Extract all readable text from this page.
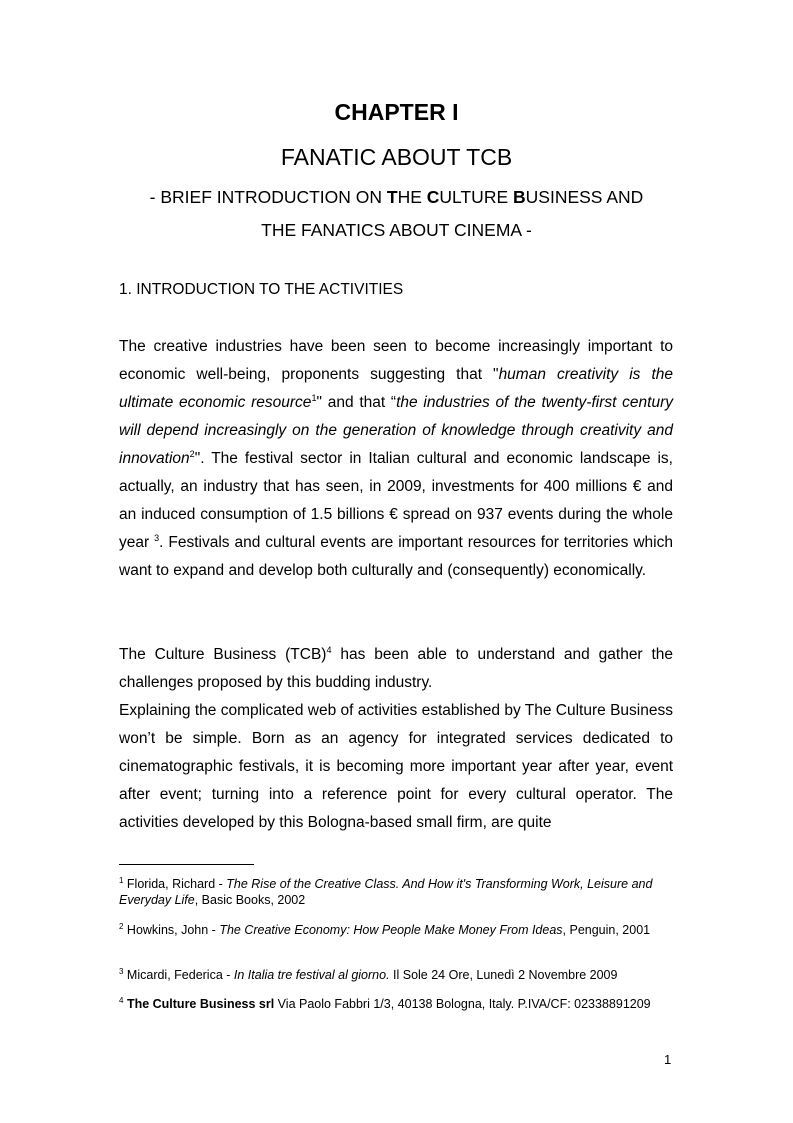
CHAPTER I
FANATIC ABOUT TCB
- BRIEF INTRODUCTION ON THE CULTURE BUSINESS AND
THE FANATICS ABOUT CINEMA -
1. INTRODUCTION TO THE ACTIVITIES

The creative industries have been seen to become increasingly important to economic well-being, proponents suggesting that "human creativity is the ultimate economic resource$^1$" and that “the industries of the twenty-first century will depend increasingly on the generation of knowledge through creativity and innovation$^2$". The festival sector in Italian cultural and economic landscape is, actually, an industry that has seen, in 2009, investments for 400 millions € and an induced consumption of 1.5 billions € spread on 937 events during the whole year $^3$. Festivals and cultural events are important resources for territories which want to expand and develop both culturally and (consequently) economically.

The Culture Business (TCB)$^4$ has been able to understand and gather the challenges proposed by this budding industry.

Explaining the complicated web of activities established by The Culture Business won’t be simple. Born as an agency for integrated services dedicated to cinematographic festivals, it is becoming more important year after year, event after event; turning into a reference point for every cultural operator. The activities developed by this Bologna-based small firm, are quite

$^1$ Florida, Richard - The Rise of the Creative Class. And How it's Transforming Work, Leisure and Everyday Life, Basic Books, 2002

$^2$ Howkins, John - The Creative Economy: How People Make Money From Ideas, Penguin, 2001

$^3$ Micardi, Federica - In Italia tre festival al giorno. Il Sole 24 Ore, Lunedì 2 Novembre 2009

$^4$ The Culture Business srl Via Paolo Fabbri 1/3, 40138 Bologna, Italy. P.IVA/CF: 02338891209

1
